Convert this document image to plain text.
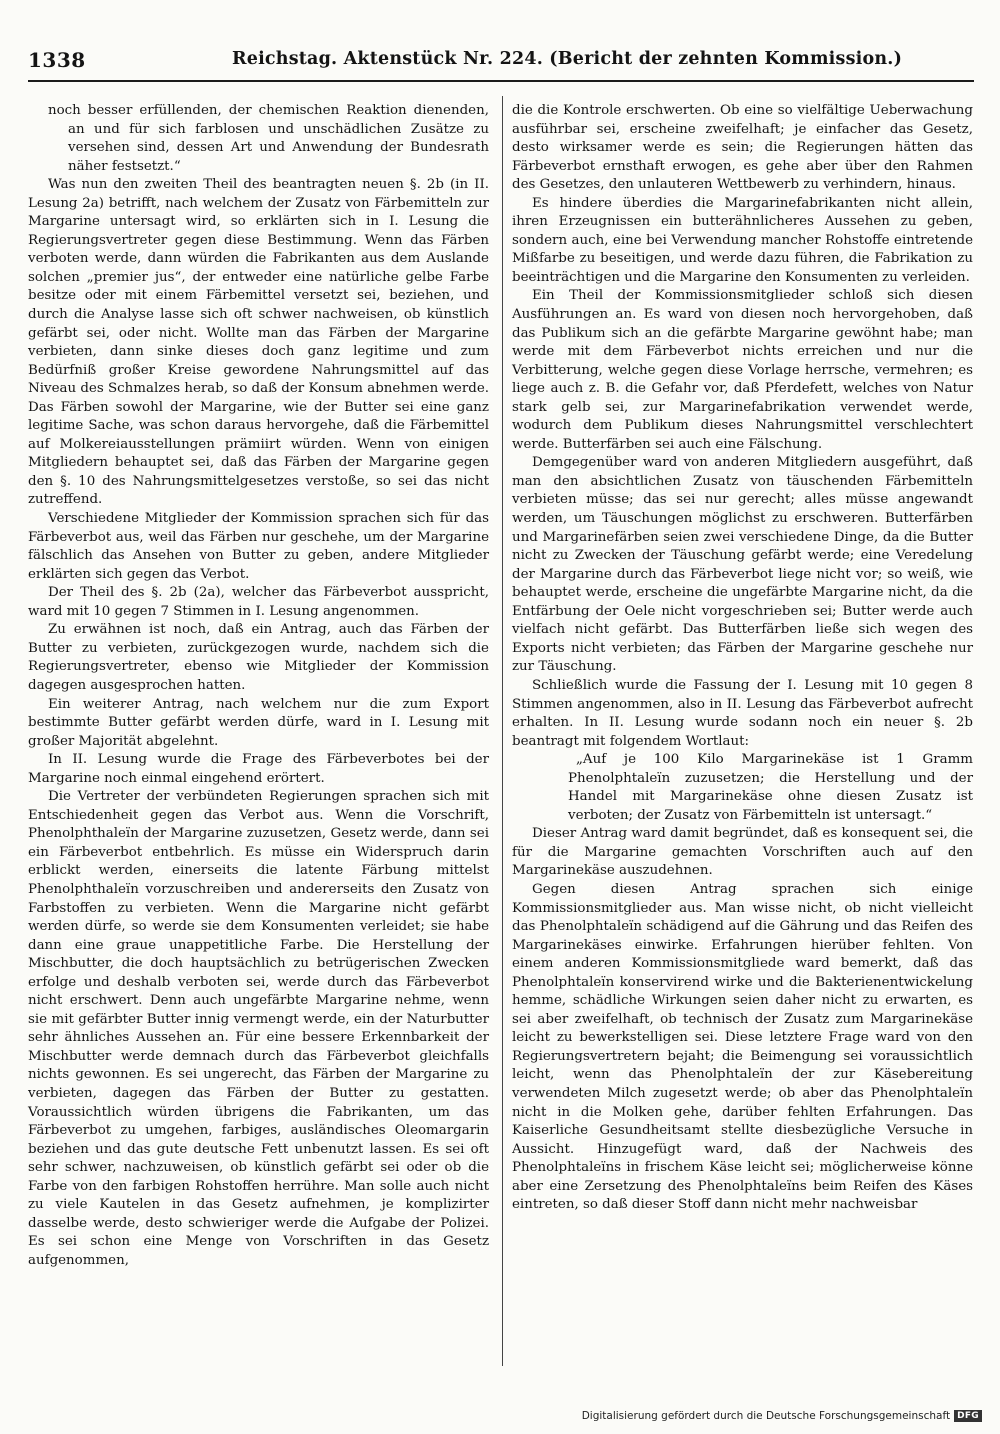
1338	Reichstag. Aktenstück Nr. 224. (Bericht der zehnten Kommission.)

noch besser erfüllenden, der chemischen Reaktion dienenden, an und für sich farblosen und unschädlichen Zusätze zu versehen sind, dessen Art und Anwendung der Bundesrath näher festsetzt.“

Was nun den zweiten Theil des beantragten neuen §. 2b (in II. Lesung 2a) betrifft, nach welchem der Zusatz von Färbemitteln zur Margarine untersagt wird, so erklärten sich in I. Lesung die Regierungsvertreter gegen diese Bestimmung. Wenn das Färben verboten werde, dann würden die Fabrikanten aus dem Auslande solchen „premier jus“, der entweder eine natürliche gelbe Farbe besitze oder mit einem Färbemittel versetzt sei, beziehen, und durch die Analyse lasse sich oft schwer nachweisen, ob künstlich gefärbt sei, oder nicht. Wollte man das Färben der Margarine verbieten, dann sinke dieses doch ganz legitime und zum Bedürfniß großer Kreise gewordene Nahrungsmittel auf das Niveau des Schmalzes herab, so daß der Konsum abnehmen werde. Das Färben sowohl der Margarine, wie der Butter sei eine ganz legitime Sache, was schon daraus hervorgehe, daß die Färbemittel auf Molkereiausstellungen prämiirt würden. Wenn von einigen Mitgliedern behauptet sei, daß das Färben der Margarine gegen den §. 10 des Nahrungsmittelgesetzes verstoße, so sei das nicht zutreffend.

Verschiedene Mitglieder der Kommission sprachen sich für das Färbeverbot aus, weil das Färben nur geschehe, um der Margarine fälschlich das Ansehen von Butter zu geben, andere Mitglieder erklärten sich gegen das Verbot.

Der Theil des §. 2b (2a), welcher das Färbeverbot ausspricht, ward mit 10 gegen 7 Stimmen in I. Lesung angenommen.

Zu erwähnen ist noch, daß ein Antrag, auch das Färben der Butter zu verbieten, zurückgezogen wurde, nachdem sich die Regierungsvertreter, ebenso wie Mitglieder der Kommission dagegen ausgesprochen hatten.

Ein weiterer Antrag, nach welchem nur die zum Export bestimmte Butter gefärbt werden dürfe, ward in I. Lesung mit großer Majorität abgelehnt.

In II. Lesung wurde die Frage des Färbeverbotes bei der Margarine noch einmal eingehend erörtert.

Die Vertreter der verbündeten Regierungen sprachen sich mit Entschiedenheit gegen das Verbot aus. Wenn die Vorschrift, Phenolphthaleïn der Margarine zuzusetzen, Gesetz werde, dann sei ein Färbeverbot entbehrlich. Es müsse ein Widerspruch darin erblickt werden, einerseits die latente Färbung mittelst Phenolphthaleïn vorzuschreiben und andererseits den Zusatz von Farbstoffen zu verbieten. Wenn die Margarine nicht gefärbt werden dürfe, so werde sie dem Konsumenten verleidet; sie habe dann eine graue unappetitliche Farbe. Die Herstellung der Mischbutter, die doch hauptsächlich zu betrügerischen Zwecken erfolge und deshalb verboten sei, werde durch das Färbeverbot nicht erschwert. Denn auch ungefärbte Margarine nehme, wenn sie mit gefärbter Butter innig vermengt werde, ein der Naturbutter sehr ähnliches Aussehen an. Für eine bessere Erkennbarkeit der Mischbutter werde demnach durch das Färbeverbot gleichfalls nichts gewonnen. Es sei ungerecht, das Färben der Margarine zu verbieten, dagegen das Färben der Butter zu gestatten. Voraussichtlich würden übrigens die Fabrikanten, um das Färbeverbot zu umgehen, farbiges, ausländisches Oleomargarin beziehen und das gute deutsche Fett unbenutzt lassen. Es sei oft sehr schwer, nachzuweisen, ob künstlich gefärbt sei oder ob die Farbe von den farbigen Rohstoffen herrühre. Man solle auch nicht zu viele Kautelen in das Gesetz aufnehmen, je komplizirter dasselbe werde, desto schwieriger werde die Aufgabe der Polizei. Es sei schon eine Menge von Vorschriften in das Gesetz aufgenommen,

die die Kontrole erschwerten. Ob eine so vielfältige Ueberwachung ausführbar sei, erscheine zweifelhaft; je einfacher das Gesetz, desto wirksamer werde es sein; die Regierungen hätten das Färbeverbot ernsthaft erwogen, es gehe aber über den Rahmen des Gesetzes, den unlauteren Wettbewerb zu verhindern, hinaus.

Es hindere überdies die Margarinefabrikanten nicht allein, ihren Erzeugnissen ein butterähnlicheres Aussehen zu geben, sondern auch, eine bei Verwendung mancher Rohstoffe eintretende Mißfarbe zu beseitigen, und werde dazu führen, die Fabrikation zu beeinträchtigen und die Margarine den Konsumenten zu verleiden.

Ein Theil der Kommissionsmitglieder schloß sich diesen Ausführungen an. Es ward von diesen noch hervorgehoben, daß das Publikum sich an die gefärbte Margarine gewöhnt habe; man werde mit dem Färbeverbot nichts erreichen und nur die Verbitterung, welche gegen diese Vorlage herrsche, vermehren; es liege auch z. B. die Gefahr vor, daß Pferdefett, welches von Natur stark gelb sei, zur Margarinefabrikation verwendet werde, wodurch dem Publikum dieses Nahrungsmittel verschlechtert werde. Butterfärben sei auch eine Fälschung.

Demgegenüber ward von anderen Mitgliedern ausgeführt, daß man den absichtlichen Zusatz von täuschenden Färbemitteln verbieten müsse; das sei nur gerecht; alles müsse angewandt werden, um Täuschungen möglichst zu erschweren. Butterfärben und Margarinefärben seien zwei verschiedene Dinge, da die Butter nicht zu Zwecken der Täuschung gefärbt werde; eine Veredelung der Margarine durch das Färbeverbot liege nicht vor; so weiß, wie behauptet werde, erscheine die ungefärbte Margarine nicht, da die Entfärbung der Oele nicht vorgeschrieben sei; Butter werde auch vielfach nicht gefärbt. Das Butterfärben ließe sich wegen des Exports nicht verbieten; das Färben der Margarine geschehe nur zur Täuschung.

Schließlich wurde die Fassung der I. Lesung mit 10 gegen 8 Stimmen angenommen, also in II. Lesung das Färbeverbot aufrecht erhalten. In II. Lesung wurde sodann noch ein neuer §. 2b beantragt mit folgendem Wortlaut:

„Auf je 100 Kilo Margarinekäse ist 1 Gramm Phenolphtaleïn zuzusetzen; die Herstellung und der Handel mit Margarinekäse ohne diesen Zusatz ist verboten; der Zusatz von Färbemitteln ist untersagt.“

Dieser Antrag ward damit begründet, daß es konsequent sei, die für die Margarine gemachten Vorschriften auch auf den Margarinekäse auszudehnen.

Gegen diesen Antrag sprachen sich einige Kommissionsmitglieder aus. Man wisse nicht, ob nicht vielleicht das Phenolphtaleïn schädigend auf die Gährung und das Reifen des Margarinekäses einwirke. Erfahrungen hierüber fehlten. Von einem anderen Kommissionsmitgliede ward bemerkt, daß das Phenolphtaleïn konservirend wirke und die Bakterienentwickelung hemme, schädliche Wirkungen seien daher nicht zu erwarten, es sei aber zweifelhaft, ob technisch der Zusatz zum Margarinekäse leicht zu bewerkstelligen sei. Diese letztere Frage ward von den Regierungsvertretern bejaht; die Beimengung sei voraussichtlich leicht, wenn das Phenolphtaleïn der zur Käsebereitung verwendeten Milch zugesetzt werde; ob aber das Phenolphtaleïn nicht in die Molken gehe, darüber fehlten Erfahrungen. Das Kaiserliche Gesundheitsamt stellte diesbezügliche Versuche in Aussicht. Hinzugefügt ward, daß der Nachweis des Phenolphtaleïns in frischem Käse leicht sei; möglicherweise könne aber eine Zersetzung des Phenolphtaleïns beim Reifen des Käses eintreten, so daß dieser Stoff dann nicht mehr nachweisbar

Digitalisierung gefördert durch die Deutsche Forschungsgemeinschaft DFG
